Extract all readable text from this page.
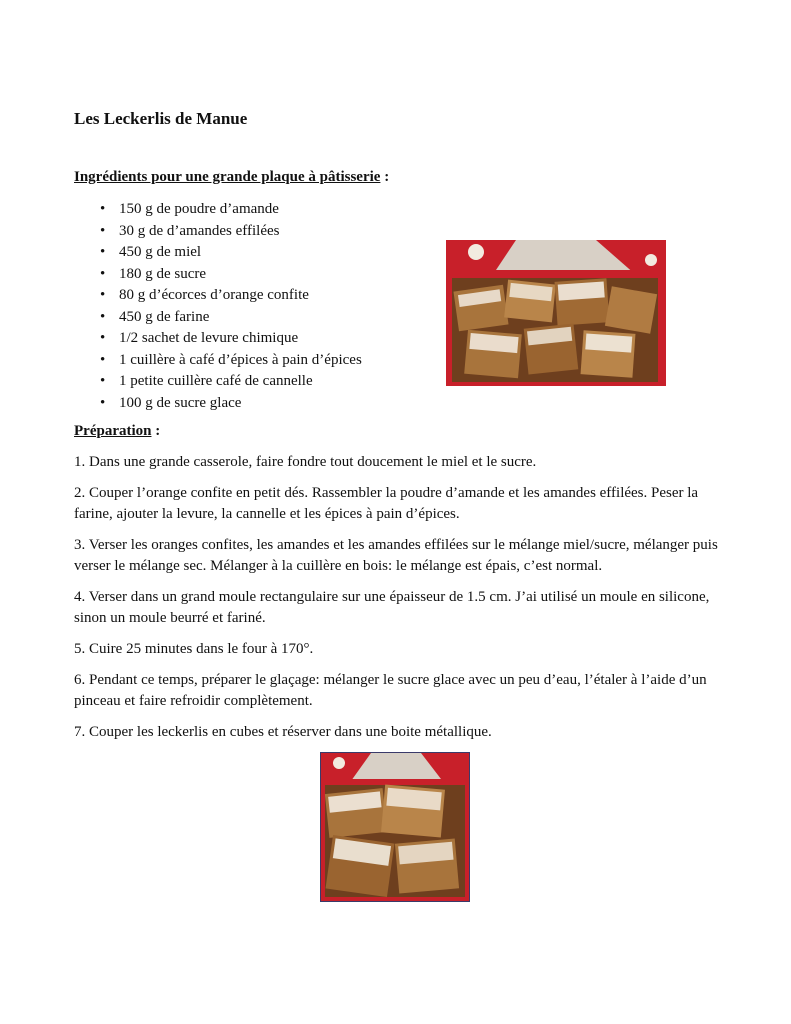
Les Leckerlis de Manue
Ingrédients pour une grande plaque à pâtisserie :
• 150 g de poudre d’amande
• 30 g de d’amandes effilées
• 450 g de miel
• 180 g de sucre
• 80 g d’écorces d’orange confite
• 450 g de farine
• 1/2 sachet de levure chimique
• 1 cuillère à café d’épices à pain d’épices
• 1 petite cuillère café de cannelle
• 100 g de sucre glace
Préparation :

1. Dans une grande casserole, faire fondre tout doucement le miel et le sucre.

2. Couper l’orange confite en petit dés. Rassembler la poudre d’amande et les amandes effilées. Peser la farine, ajouter la levure, la cannelle et les épices à pain d’épices.

3. Verser les oranges confites, les amandes et les amandes effilées sur le mélange miel/sucre, mélanger puis verser le mélange sec. Mélanger à la cuillère en bois: le mélange est épais, c’est normal.

4. Verser dans un grand moule rectangulaire sur une épaisseur de 1.5 cm. J’ai utilisé un moule en silicone, sinon un moule beurré et fariné.

5. Cuire 25 minutes dans le four à 170°.

6. Pendant ce temps, préparer le glaçage: mélanger le sucre glace avec un peu d’eau, l’étaler à l’aide d’un pinceau et faire refroidir complètement.

7. Couper les leckerlis en cubes et réserver dans une boite métallique.
